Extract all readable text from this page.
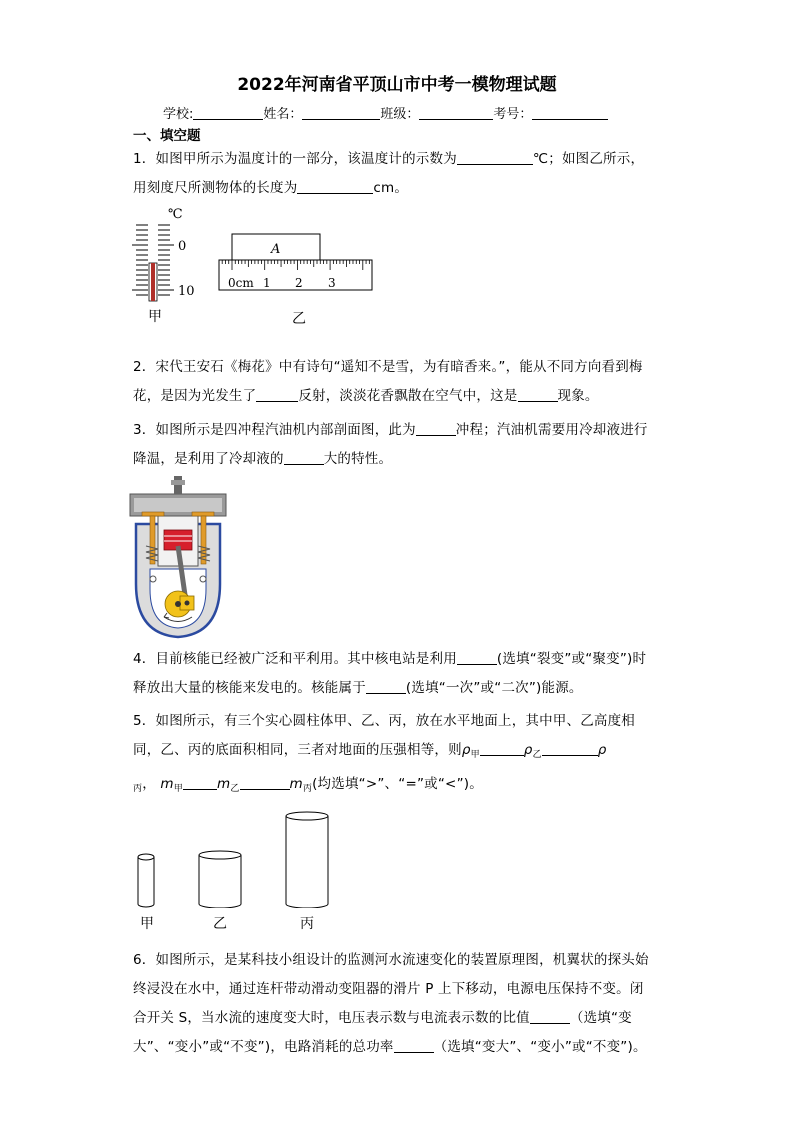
2022年河南省平顶山市中考一模物理试题
学校:	姓名：	班级：	考号：
一、填空题
1．如图甲所示为温度计的一部分，该温度计的示数为	℃；如图乙所示，
用刻度尺所测物体的长度为	cm。
℃
0
10
A
0cm 1 2 3
甲	乙
2．宋代王安石《梅花》中有诗句“遥知不是雪，为有暗香来。”，能从不同方向看到梅
花，是因为光发生了	反射，淡淡花香飘散在空气中，这是	现象。
3．如图所示是四冲程汽油机内部剖面图，此为	冲程；汽油机需要用冷却液进行
降温，是利用了冷却液的	大的特性。
4．目前核能已经被广泛和平利用。其中核电站是利用	(选填“裂变”或“聚变”)时
释放出大量的核能来发电的。核能属于	(选填“一次”或“二次”)能源。
5．如图所示，有三个实心圆柱体甲、乙、丙，放在水平地面上，其中甲、乙高度相
同，乙、丙的底面积相同，三者对地面的压强相等，则$\rho_甲$	$\rho_乙$	ρ
$_丙$， $m_甲$	$m_乙$	$m_丙$(均选填“>”、“=”或“<”)。
甲	乙	丙
6．如图所示，是某科技小组设计的监测河水流速变化的装置原理图，机翼状的探头始
终浸没在水中，通过连杆带动滑动变阻器的滑片 P 上下移动，电源电压保持不变。闭
合开关 S，当水流的速度变大时，电压表示数与电流表示数的比值	（选填“变
大”、“变小”或“不变”)，电路消耗的总功率	（选填“变大”、“变小”或“不变”)。
